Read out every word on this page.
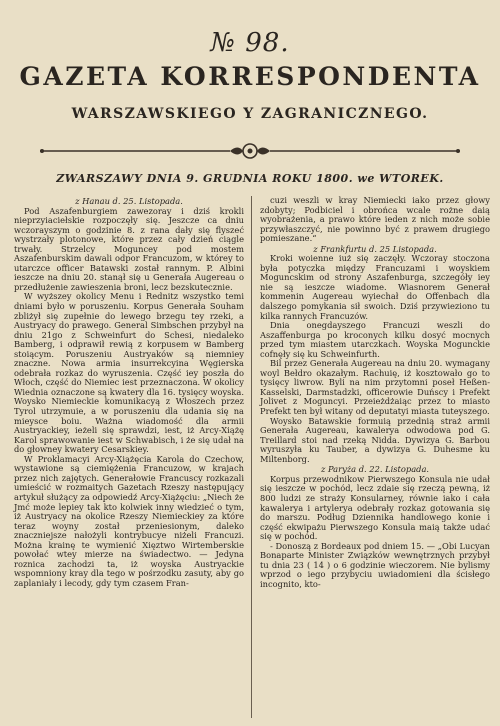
№ 98.
GAZETA KORRESPONDENTA
WARSZAWSKIEGO Y ZAGRANICZNEGO.
ZWARSZAWY DNIA 9. GRUDNIA ROKU 1800. we WTOREK.

z Hanau d. 25. Listopada.

Pod Aszafenburgiem zawezoray i dziś krokli nieprzyiaciełskie rozpoczęły się. Jeszcze ca dniu wczorayszym o godzinie 8. z rana dały się flyszeć wystrzały plotonowe, które przez cały dzień ciągle trwały. Strzelcy Moguncey pod mostem Aszafenburskim dawali odpor Francuzom, w którey to utarczce officer Batawski został rannym. P. Albini ieszcze na dniu 20. stanął się u Generała Augereau o przedłużenie zawieszenia broni, lecz bezskutecznie.

W wyższey okolicy Menu i Rednitz wszystko temi dniami było w poruszeniu. Korpus Generała Souham zbliżył się zupełnie do lewego brzegu tey rzeki, a Austryacy do prawego. General Simbschen przybył na dniu 21go z Schweinfurt do Schesi, niedaleko Bamberg, i odprawił rewią z korpusem w Bamberg stoiącym. Poruszeniu Austryaków są niemniey znaczne. Nowa armia insurrekcyina Węgierska odebrała rozkaz do wyruszenia. Część iey poszła do Włoch, część do Niemiec iest przeznaczona. W okolicy Wiednia oznaczone są kwatery dla 16. tysięcy woyska. Woysko Niemieckie komunikacyą z Włoszech przez Tyrol utrzymuie, a w poruszeniu dla udania się na mieysce boiu. Ważna wiadomość dla armii Austryackiey, ieżeli się sprawdzi, iest, iż Arcy-Xiążę Karol sprawowanie iest w Schwabisch, i że się udał na do głowney kwatery Cesarskiey.

W Proklamacyi Arcy-Xiążęcia Karola do Czechow, wystawione są ciemiężenia Francuzow, w krajach przez nich zajętych. Generałowie Francuscy rozkazali umieścić w rozmaitych Gazetach Rzeszy następujący artykuł służący za odpowiedź Arcy-Xiążęciu: „Niech że Jmć może lepiey tak kto kolwiek inny wiedzieć o tym, iż Austryacy na okolice Rzeszy Niemieckiey za które teraz woyny został przeniesionym, daleko znaczniejsze nałożyli kontrybucye niżeli Francuzi. Można krainę te wymienić Xięztwo Wirtemberskie powołać wtey mierze na świadectwo. — Jedyna roznica zachodzi ta, iż woyska Austryackie wspomniony kray dla tego w pośrzodku zasuty, aby go zaplaniały i lecody, gdy tym czasem Fran-

cuzi weszli w kray Niemiecki iako przez głowy zdobyty; Podbiciel i obrońca wcale rożne daią wyobrażenia, a prawo które ieden z nich może sobie przywłaszczyć, nie powinno być z prawem drugiego pomieszane.“

z Frankfurtu d. 25 Listopada.

Kroki woienne iuż się zaczęły. Wczoray stoczona była potyczka między Francuzami i woyskiem Moguncskim od strony Aszafenburga, szczegóły iey nie są ieszcze wiadome. Wiasnorem Generał kommenin Augereau wyiechał do Offenbach dla dalszego pomykania sił swoich. Dziś przywieziono tu kilka rannych Francuzów.

Dnia onegdayszego Francuzi weszli do Aszaffenburga po kroconych kilku dosyć mocnych przed tym miastem utarczkach. Woyska Mogunckie cofnęły się ku Schweinfurth.

Bil przez Generała Augereau na dniu 20. wymagany woyl Bełdro okazałym. Rachuię, iż kosztowało go to tysięcy liwrow. Byli na nim przytomni poseł Heßen-Kasselski, Darmstadzki, officerowie Duńscy i Prefekt Jolivet z Moguncyi. Przeieżdżaiąc przez to miasto Prefekt ten był witany od deputatyi miasta tuteyszego.

Woysko Batawskie formuią przednią straż armii Generała Augereau, kawalerya odwodowa pod G. Treillard stoi nad rzeką Nidda. Dywizya G. Barbou wyruszyła ku Tauber, a dywizya G. Duhesme ku Miltenborg.

z Paryża d. 22. Listopada.

Korpus przewodnikow Pierwszego Konsula nie udał się ieszcze w pochód, lecz zdaie się rzeczą pewną, iż 800 ludzi ze straży Konsularney, równie iako i cała kawalerya i artylerya odebrały rozkaz gotowania się do marszu. Podług Dziennika handlowego konie i część ekwipażu Pierwszego Konsula maią także udać się w pochód.

- Donoszą z Bordeaux pod dniem 15. — „Obi Lucyan Bonaparte Minister Związków wewnętrznych przybył tu dnia 23 ( 14 ) o 6 godzinie wieczorem. Nie bylismy wprzod o iego przybyciu uwiadomieni dla ścisłego incognito, kto-
